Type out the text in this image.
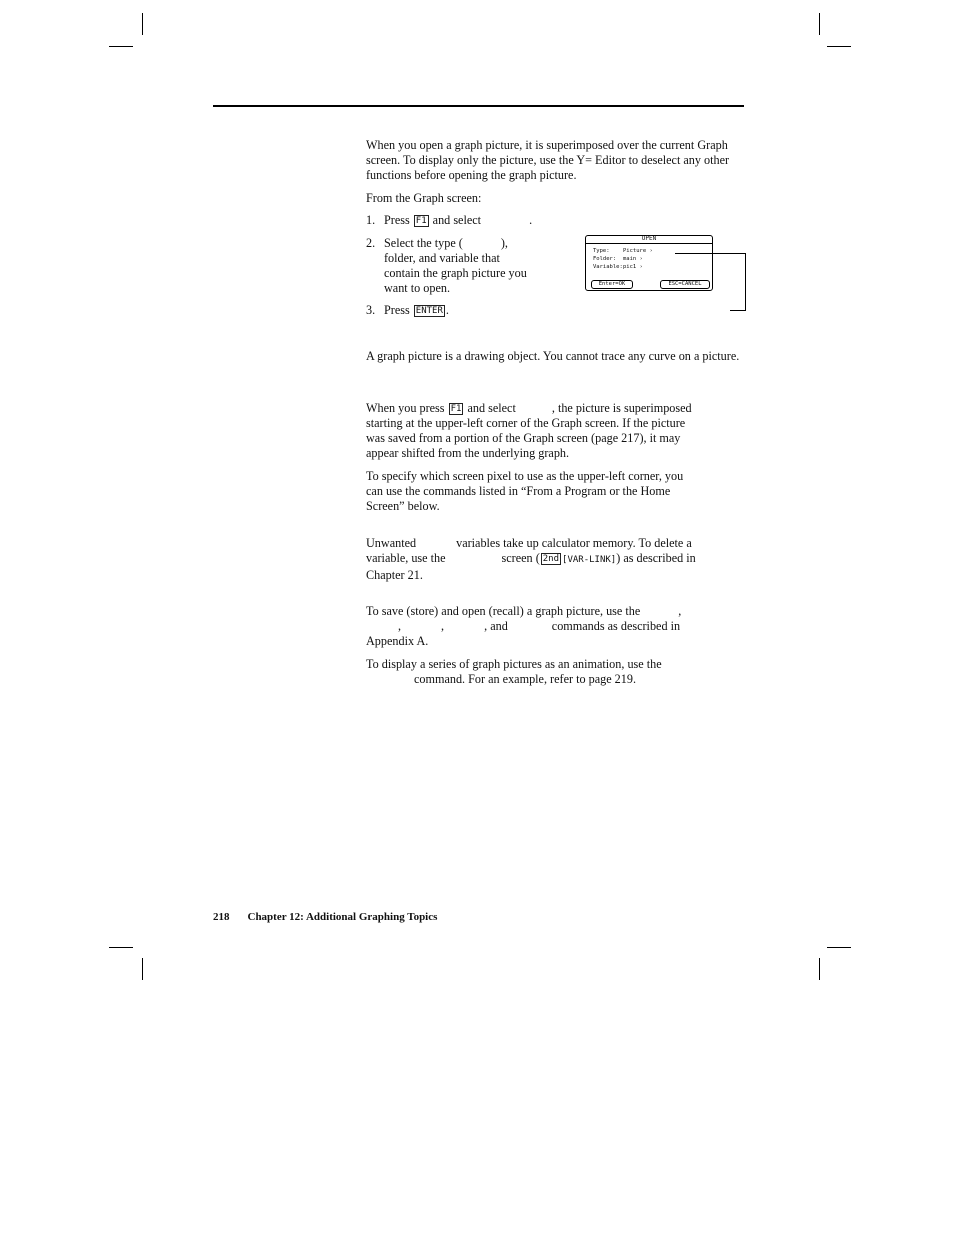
When you open a graph picture, it is superimposed over the current Graph screen. To display only the picture, use the Y= Editor to deselect any other functions before opening the graph picture.

From the Graph screen:

1. Press F1 and select	.
2. Select the type (	),
folder, and variable that
contain the graph picture you
want to open.
3. Press ENTER .
OPEN
Type: Picture ›
Folder: main ›
Variable: pic1 ›
Enter=OK	ESC=CANCEL

A graph picture is a drawing object. You cannot trace any curve on a picture.

When you press F1 and select	, the picture is superimposed
starting at the upper-left corner of the Graph screen. If the picture
was saved from a portion of the Graph screen (page 217), it may
appear shifted from the underlying graph.

To specify which screen pixel to use as the upper-left corner, you
can use the commands listed in “From a Program or the Home
Screen” below.

Unwanted	variables take up calculator memory. To delete a
variable, use the	screen ( 2nd [VAR-LINK]) as described in
Chapter 21.

To save (store) and open (recall) a graph picture, use the	,
,	,	, and	commands as described in
Appendix A.

To display a series of graph pictures as an animation, use the
command. For an example, refer to page 219.

218 Chapter 12: Additional Graphing Topics
